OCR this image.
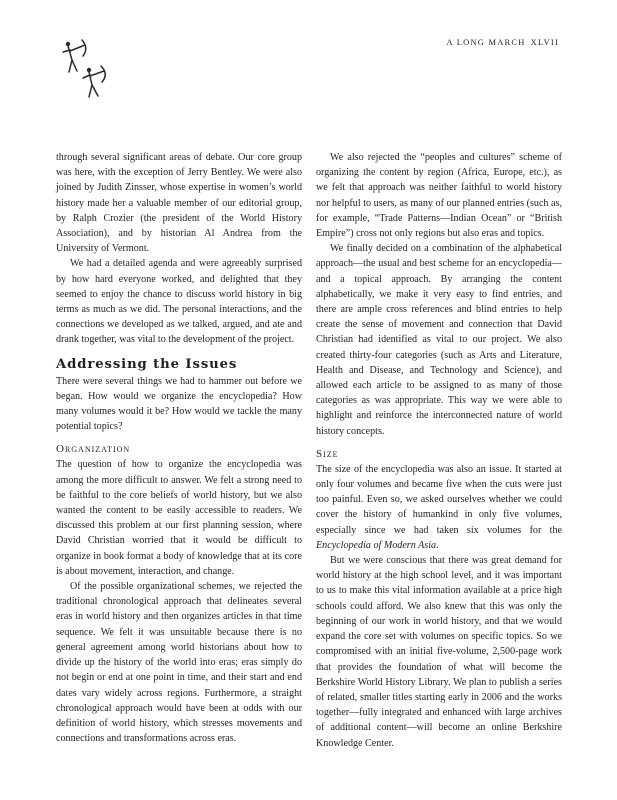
A LONG MARCH XLVII

through several significant areas of debate. Our core group was here, with the exception of Jerry Bentley. We were also joined by Judith Zinsser, whose expertise in women’s world history made her a valuable member of our editorial group, by Ralph Crozier (the president of the World History Association), and by historian Al Andrea from the University of Vermont.

We had a detailed agenda and were agreeably surprised by how hard everyone worked, and delighted that they seemed to enjoy the chance to discuss world history in big terms as much as we did. The personal interactions, and the connections we developed as we talked, argued, and ate and drank together, was vital to the development of the project.

Addressing the Issues

There were several things we had to hammer out before we began. How would we organize the encyclopedia? How many volumes would it be? How would we tackle the many potential topics?

Organization

The question of how to organize the encyclopedia was among the more difficult to answer. We felt a strong need to be faithful to the core beliefs of world history, but we also wanted the content to be easily accessible to readers. We discussed this problem at our first planning session, where David Christian worried that it would be difficult to organize in book format a body of knowledge that at its core is about movement, interaction, and change.

Of the possible organizational schemes, we rejected the traditional chronological approach that delineates several eras in world history and then organizes articles in that time sequence. We felt it was unsuitable because there is no general agreement among world historians about how to divide up the history of the world into eras; eras simply do not begin or end at one point in time, and their start and end dates vary widely across regions. Furthermore, a straight chronological approach would have been at odds with our definition of world history, which stresses movements and connections and transformations across eras.

We also rejected the “peoples and cultures” scheme of organizing the content by region (Africa, Europe, etc.), as we felt that approach was neither faithful to world history nor helpful to users, as many of our planned entries (such as, for example, “Trade Patterns—Indian Ocean” or “British Empire”) cross not only regions but also eras and topics.

We finally decided on a combination of the alphabetical approach—the usual and best scheme for an encyclopedia—and a topical approach. By arranging the content alphabetically, we make it very easy to find entries, and there are ample cross references and blind entries to help create the sense of movement and connection that David Christian had identified as vital to our project. We also created thirty-four categories (such as Arts and Literature, Health and Disease, and Technology and Science), and allowed each article to be assigned to as many of those categories as was appropriate. This way we were able to highlight and reinforce the interconnected nature of world history concepts.

Size

The size of the encyclopedia was also an issue. It started at only four volumes and became five when the cuts were just too painful. Even so, we asked ourselves whether we could cover the history of humankind in only five volumes, especially since we had taken six volumes for the Encyclopedia of Modern Asia.

But we were conscious that there was great demand for world history at the high school level, and it was important to us to make this vital information available at a price high schools could afford. We also knew that this was only the beginning of our work in world history, and that we would expand the core set with volumes on specific topics. So we compromised with an initial five-volume, 2,500-page work that provides the foundation of what will become the Berkshire World History Library. We plan to publish a series of related, smaller titles starting early in 2006 and the works together—fully integrated and enhanced with large archives of additional content—will become an online Berkshire Knowledge Center.
